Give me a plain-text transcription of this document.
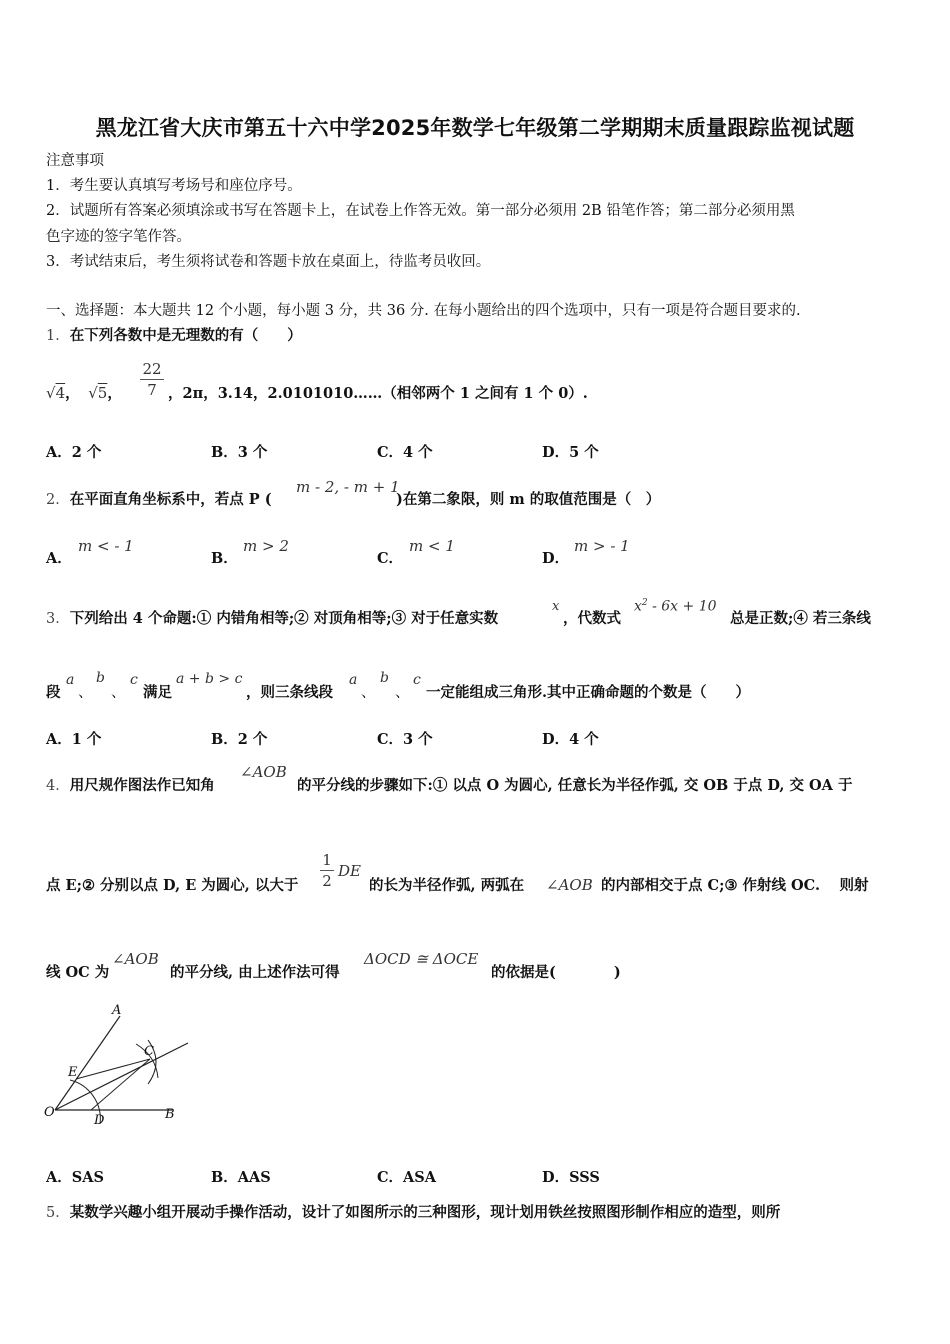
黑龙江省大庆市第五十六中学2025年数学七年级第二学期期末质量跟踪监视试题
注意事项
1．考生要认真填写考场号和座位序号。
2．试题所有答案必须填涂或书写在答题卡上，在试卷上作答无效。第一部分必须用 2B 铅笔作答；第二部分必须用黑
色字迹的签字笔作答。
3．考试结束后，考生须将试卷和答题卡放在桌面上，待监考员收回。
一、选择题：本大题共 12 个小题，每小题 3 分，共 36 分. 在每小题给出的四个选项中，只有一项是符合题目要求的.
1．在下列各数中是无理数的有（　　）
√4， √5，
22
7 ，2π，3.14，2.0101010……（相邻两个 1 之间有 1 个 0）.
A．2 个	B．3 个	C．4 个	D．5 个
2．在平面直角坐标系中，若点 P (
m - 2, - m + 1
)在第二象限，则 m 的取值范围是（　）
A．
m < - 1
B．
m > 2
C．
m < 1
D．
m > - 1
3．下列给出 4 个命题:① 内错角相等;② 对顶角相等;③ 对于任意实数
x
，代数式
$x^2 - 6x + 10$
总是正数;④ 若三条线
段
a
、
b
、
c
满足
a + b > c
，则三条线段
a
、
b
、
c
一定能组成三角形.其中正确命题的个数是（　　）
A．1 个	B．2 个	C．3 个	D．4 个
4．用尺规作图法作已知角
∠AOB
的平分线的步骤如下:① 以点 O 为圆心, 任意长为半径作弧, 交 OB 于点 D, 交 OA 于
点 E;② 分别以点 D, E 为圆心, 以大于
1
2
DE
的长为半径作弧, 两弧在 ∠AOB 的内部相交于点 C;③ 作射线 OC.　 则射
线 OC 为
∠AOB
的平分线, 由上述作法可得
ΔOCD ≅ ΔOCE
的依据是(　　　　)
A
B
C
D
E
O
A．SAS	B．AAS	C．ASA	D．SSS
5．某数学兴趣小组开展动手操作活动，设计了如图所示的三种图形，现计划用铁丝按照图形制作相应的造型，则所
